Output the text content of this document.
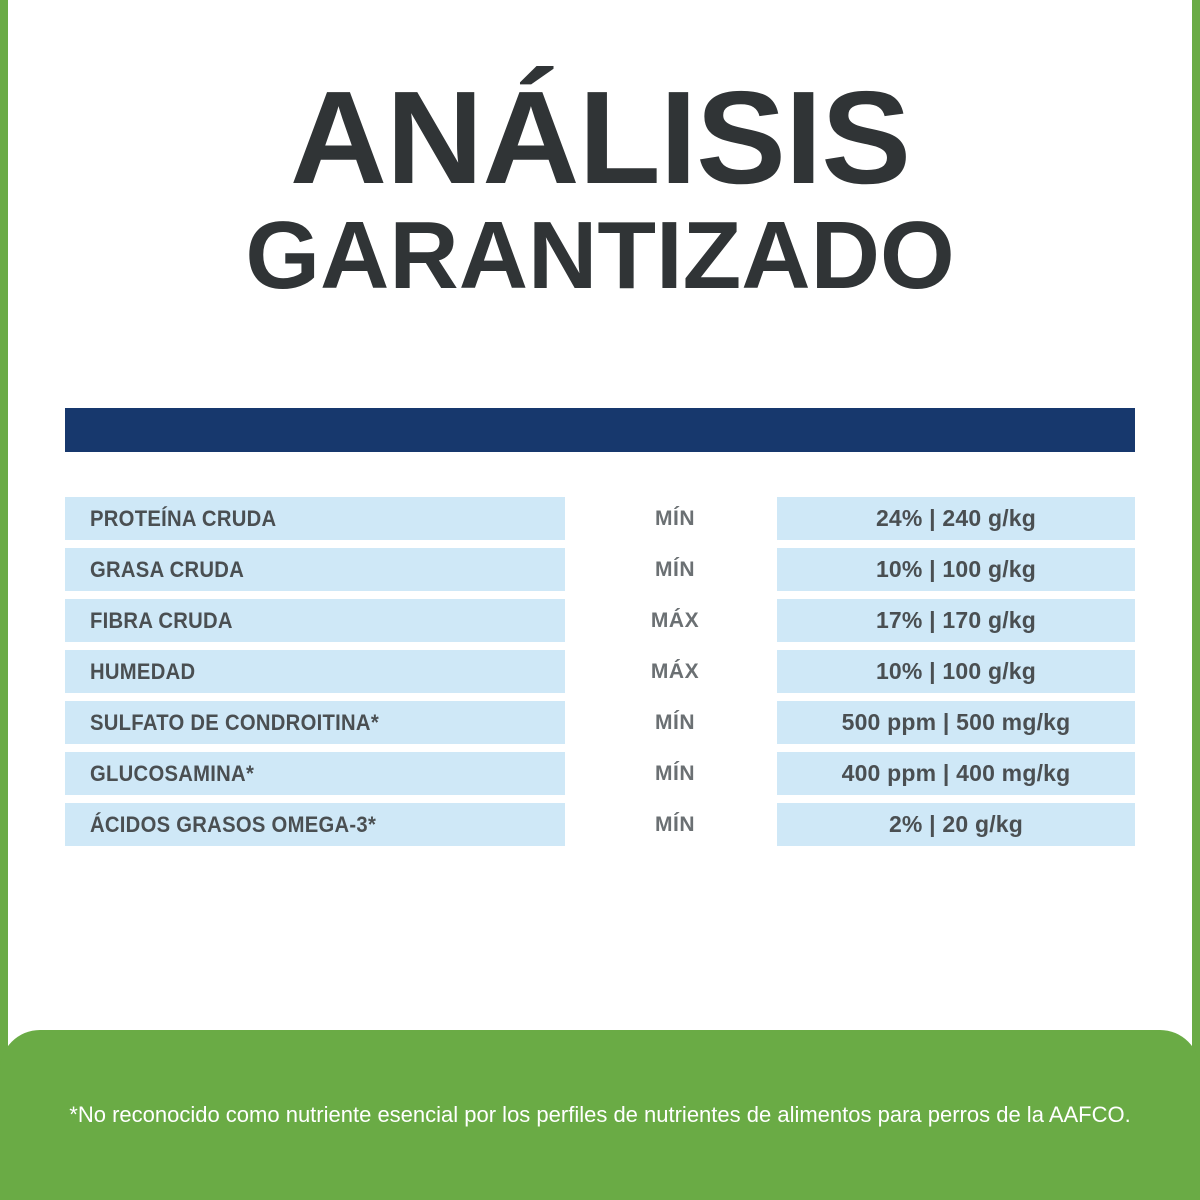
ANÁLISIS
GARANTIZADO
PROTEÍNA CRUDA	MÍN	24% | 240 g/kg
GRASA CRUDA	MÍN	10% | 100 g/kg
FIBRA CRUDA	MÁX	17% | 170 g/kg
HUMEDAD	MÁX	10% | 100 g/kg
SULFATO DE CONDROITINA*	MÍN	500 ppm | 500 mg/kg
GLUCOSAMINA*	MÍN	400 ppm | 400 mg/kg
ÁCIDOS GRASOS OMEGA-3*	MÍN	2% | 20 g/kg
*No reconocido como nutriente esencial por los perfiles de nutrientes de alimentos para perros de la AAFCO.
